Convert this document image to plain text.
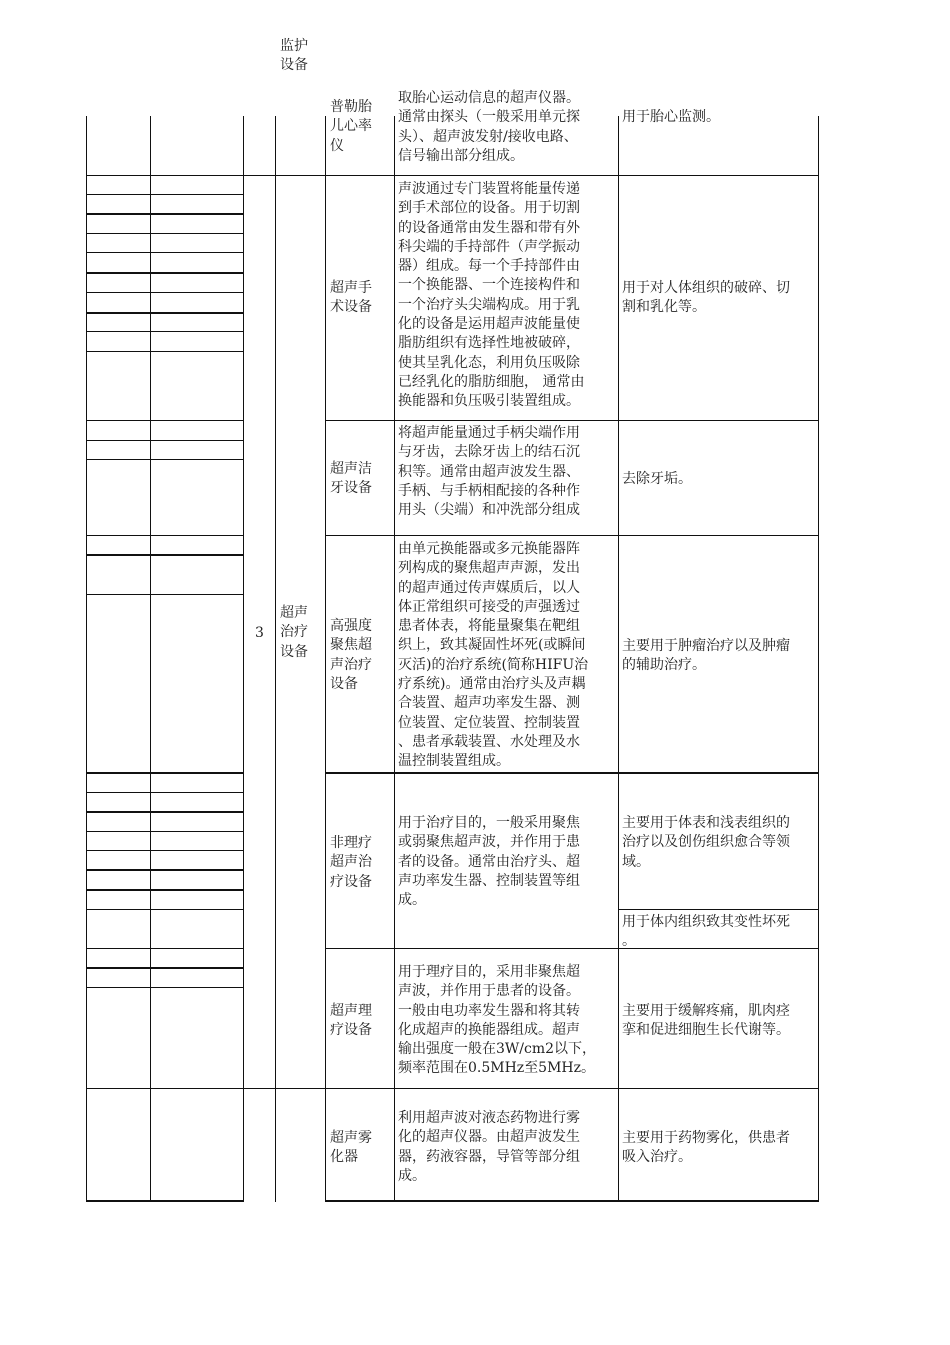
监护
设备
普勒胎
儿心率
仪
取胎心运动信息的超声仪器。
通常由探头（一般采用单元探
头）、超声波发射/接收电路、
信号输出部分组成。
用于胎心监测。
3
超声
治疗
设备
超声手
术设备
声波通过专门装置将能量传递
到手术部位的设备。用于切割
的设备通常由发生器和带有外
科尖端的手持部件（声学振动
器）组成。每一个手持部件由
一个换能器、一个连接构件和
一个治疗头尖端构成。用于乳
化的设备是运用超声波能量使
脂肪组织有选择性地被破碎，
使其呈乳化态，利用负压吸除
已经乳化的脂肪细胞， 通常由
换能器和负压吸引装置组成。
用于对人体组织的破碎、切
割和乳化等。
超声洁
牙设备
将超声能量通过手柄尖端作用
与牙齿，去除牙齿上的结石沉
积等。通常由超声波发生器、
手柄、与手柄相配接的各种作
用头（尖端）和冲洗部分组成
去除牙垢。
高强度
聚焦超
声治疗
设备
由单元换能器或多元换能器阵
列构成的聚焦超声声源，发出
的超声通过传声媒质后，以人
体正常组织可接受的声强透过
患者体表，将能量聚集在靶组
织上，致其凝固性坏死(或瞬间
灭活)的治疗系统(简称HIFU治
疗系统)。通常由治疗头及声耦
合装置、超声功率发生器、测
位装置、定位装置、控制装置
、患者承载装置、水处理及水
温控制装置组成。
主要用于肿瘤治疗以及肿瘤
的辅助治疗。
非理疗
超声治
疗设备
用于治疗目的，一般采用聚焦
或弱聚焦超声波，并作用于患
者的设备。通常由治疗头、超
声功率发生器、控制装置等组
成。
主要用于体表和浅表组织的
治疗以及创伤组织愈合等领
域。
用于体内组织致其变性坏死
。
超声理
疗设备
用于理疗目的，采用非聚焦超
声波，并作用于患者的设备。
一般由电功率发生器和将其转
化成超声的换能器组成。超声
输出强度一般在3W/cm2以下，
频率范围在0.5MHz至5MHz。
主要用于缓解疼痛，肌肉痉
挛和促进细胞生长代谢等。
超声雾
化器
利用超声波对液态药物进行雾
化的超声仪器。由超声波发生
器，药液容器，导管等部分组
成。
主要用于药物雾化，供患者
吸入治疗。
